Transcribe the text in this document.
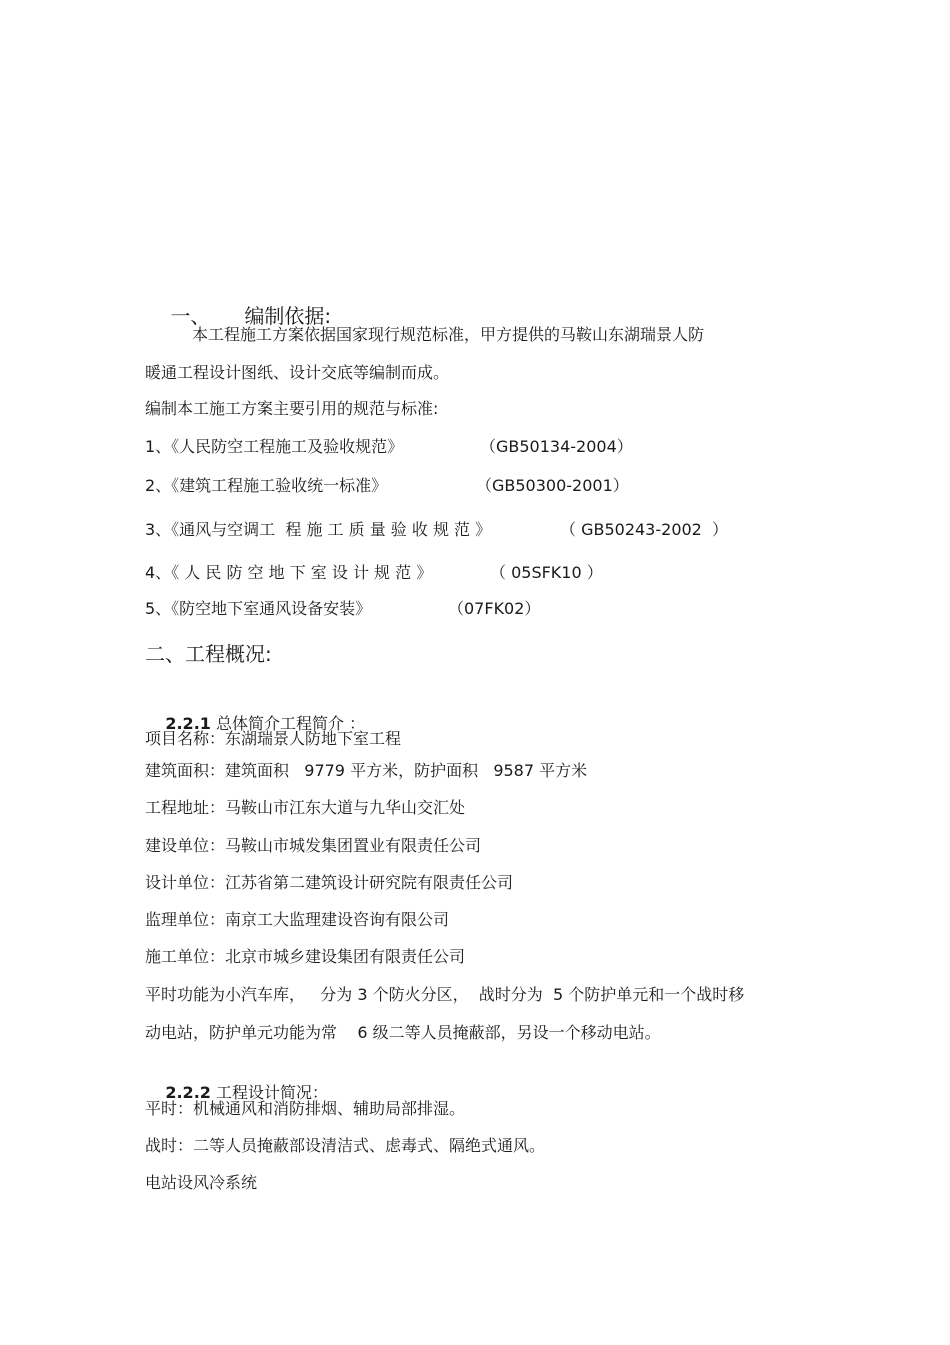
一、 编制依据:

本工程施工方案依据国家现行规范标准，甲方提供的马鞍山东湖瑞景人防
暖通工程设计图纸、设计交底等编制而成。
编制本工施工方案主要引用的规范与标准:
1、《人民防空工程施工及验收规范》	（GB50134-2004）
2、《建筑工程施工验收统一标准》	（GB50300-2001）
3、《通风与空调工  程 施 工 质 量 验 收 规 范 》	（ GB50243-2002  ）
4、《 人 民 防 空 地 下 室 设 计 规 范 》	（ 05SFK10 ）
5、《防空地下室通风设备安装》	（07FK02）
二、工程概况:

2.2.1 总体简介工程简介 ：

项目名称：东湖瑞景人防地下室工程
建筑面积：建筑面积   9779 平方米，防护面积   9587 平方米
工程地址：马鞍山市江东大道与九华山交汇处
建设单位：马鞍山市城发集团置业有限责任公司
设计单位：江苏省第二建筑设计研究院有限责任公司
监理单位：南京工大监理建设咨询有限公司
施工单位：北京市城乡建设集团有限责任公司
平时功能为小汽车库，   分为 3 个防火分区，  战时分为  5 个防护单元和一个战时移
动电站，防护单元功能为常    6 级二等人员掩蔽部，另设一个移动电站。

2.2.2 工程设计简况：

平时：机械通风和消防排烟、辅助局部排湿。
战时：二等人员掩蔽部设清洁式、虑毒式、隔绝式通风。
电站设风冷系统
